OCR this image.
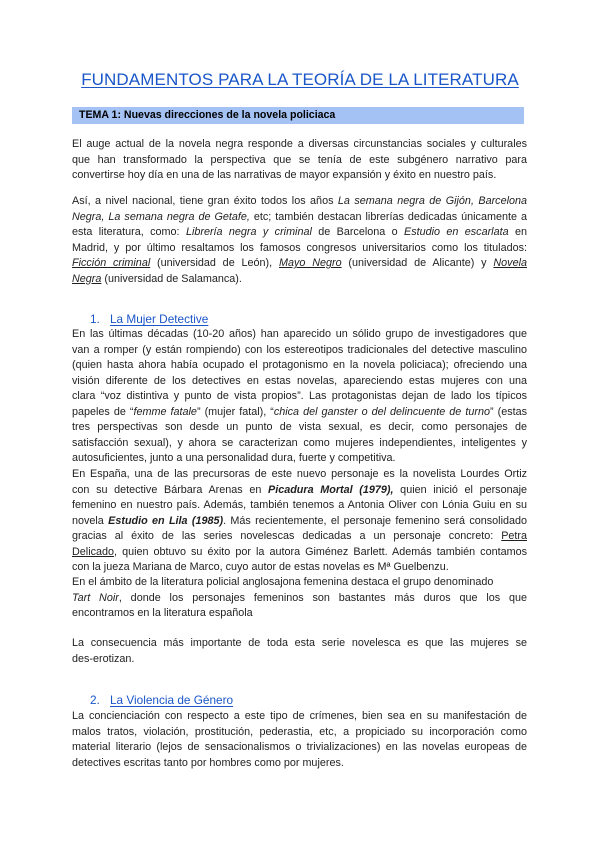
FUNDAMENTOS PARA LA TEORÍA DE LA LITERATURA
TEMA 1: Nuevas direcciones de la novela policiaca

El auge actual de la novela negra responde a diversas circunstancias sociales y culturales
que han transformado la perspectiva que se tenía de este subgénero narrativo para
convertirse hoy día en una de las narrativas de mayor expansión y éxito en nuestro país.

Así, a nivel nacional, tiene gran éxito todos los años La semana negra de Gijón, Barcelona
Negra, La semana negra de Getafe, etc; también destacan librerías dedicadas únicamente a
esta literatura, como: Librería negra y criminal de Barcelona o Estudio en escarlata en
Madrid, y por último resaltamos los famosos congresos universitarios como los titulados:
Ficción criminal (universidad de León), Mayo Negro (universidad de Alicante) y Novela
Negra (universidad de Salamanca).

1. La Mujer Detective

En las últimas décadas (10-20 años) han aparecido un sólido grupo de investigadores que
van a romper (y están rompiendo) con los estereotipos tradicionales del detective masculino
(quien hasta ahora había ocupado el protagonismo en la novela policiaca); ofreciendo una
visión diferente de los detectives en estas novelas, apareciendo estas mujeres con una
clara “voz distintiva y punto de vista propios”. Las protagonistas dejan de lado los típicos
papeles de “femme fatale” (mujer fatal), “chica del ganster o del delincuente de turno” (estas
tres perspectivas son desde un punto de vista sexual, es decir, como personajes de
satisfacción sexual), y ahora se caracterizan como mujeres independientes, inteligentes y
autosuficientes, junto a una personalidad dura, fuerte y competitiva.

En España, una de las precursoras de este nuevo personaje es la novelista Lourdes Ortiz
con su detective Bárbara Arenas en Picadura Mortal (1979), quien inició el personaje
femenino en nuestro país. Además, también tenemos a Antonia Oliver con Lónia Guiu en su
novela Estudio en Lila (1985). Más recientemente, el personaje femenino será consolidado
gracias al éxito de las series novelescas dedicadas a un personaje concreto: Petra
Delicado, quien obtuvo su éxito por la autora Giménez Barlett. Además también contamos
con la jueza Mariana de Marco, cuyo autor de estas novelas es Mª Guelbenzu.

En el ámbito de la literatura policial anglosajona femenina destaca el grupo denominado
Tart Noir, donde los personajes femeninos son bastantes más duros que los que
encontramos en la literatura española

La consecuencia más importante de toda esta serie novelesca es que las mujeres se
des-erotizan.

2. La Violencia de Género

La concienciación con respecto a este tipo de crímenes, bien sea en su manifestación de
malos tratos, violación, prostitución, pederastia, etc, a propiciado su incorporación como
material literario (lejos de sensacionalismos o trivializaciones) en las novelas europeas de
detectives escritas tanto por hombres como por mujeres.
